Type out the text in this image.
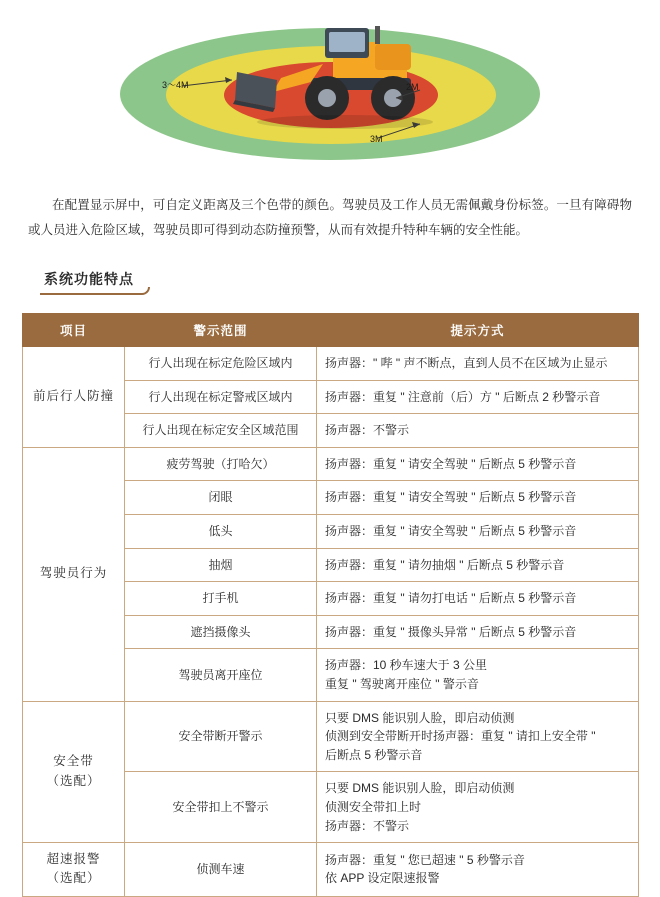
3～4M	2M
3M

在配置显示屏中，可自定义距离及三个色带的颜色。驾驶员及工作人员无需佩戴身份标签。一旦有障碍物或人员进入危险区域，驾驶员即可得到动态防撞预警，从而有效提升特种车辆的安全性能。

系统功能特点
项目	警示范围	提示方式

前后行人防撞	行人出现在标定危险区域内	扬声器：" 哔 " 声不断点，直到人员不在区域为止显示
	行人出现在标定警戒区域内	扬声器：重复 " 注意前（后）方 " 后断点 2 秒警示音
	行人出现在标定安全区域范围	扬声器：不警示

驾驶员行为	疲劳驾驶（打哈欠）	扬声器：重复 " 请安全驾驶 " 后断点 5 秒警示音
	闭眼	扬声器：重复 " 请安全驾驶 " 后断点 5 秒警示音
	低头	扬声器：重复 " 请安全驾驶 " 后断点 5 秒警示音
	抽烟	扬声器：重复 " 请勿抽烟 " 后断点 5 秒警示音
	打手机	扬声器：重复 " 请勿打电话 " 后断点 5 秒警示音
	遮挡摄像头	扬声器：重复 " 摄像头异常 " 后断点 5 秒警示音
	驾驶员离开座位	扬声器：10 秒车速大于 3 公里
重复 " 驾驶离开座位 " 警示音

安全带
（选配）	安全带断开警示	只要 DMS 能识别人脸，即启动侦测
侦测到安全带断开时扬声器：重复 " 请扣上安全带 "
后断点 5 秒警示音

	安全带扣上不警示	只要 DMS 能识别人脸，即启动侦测
侦测安全带扣上时
扬声器：不警示

超速报警
（选配）	侦测车速	扬声器：重复 " 您已超速 " 5 秒警示音
依 APP 设定限速报警
